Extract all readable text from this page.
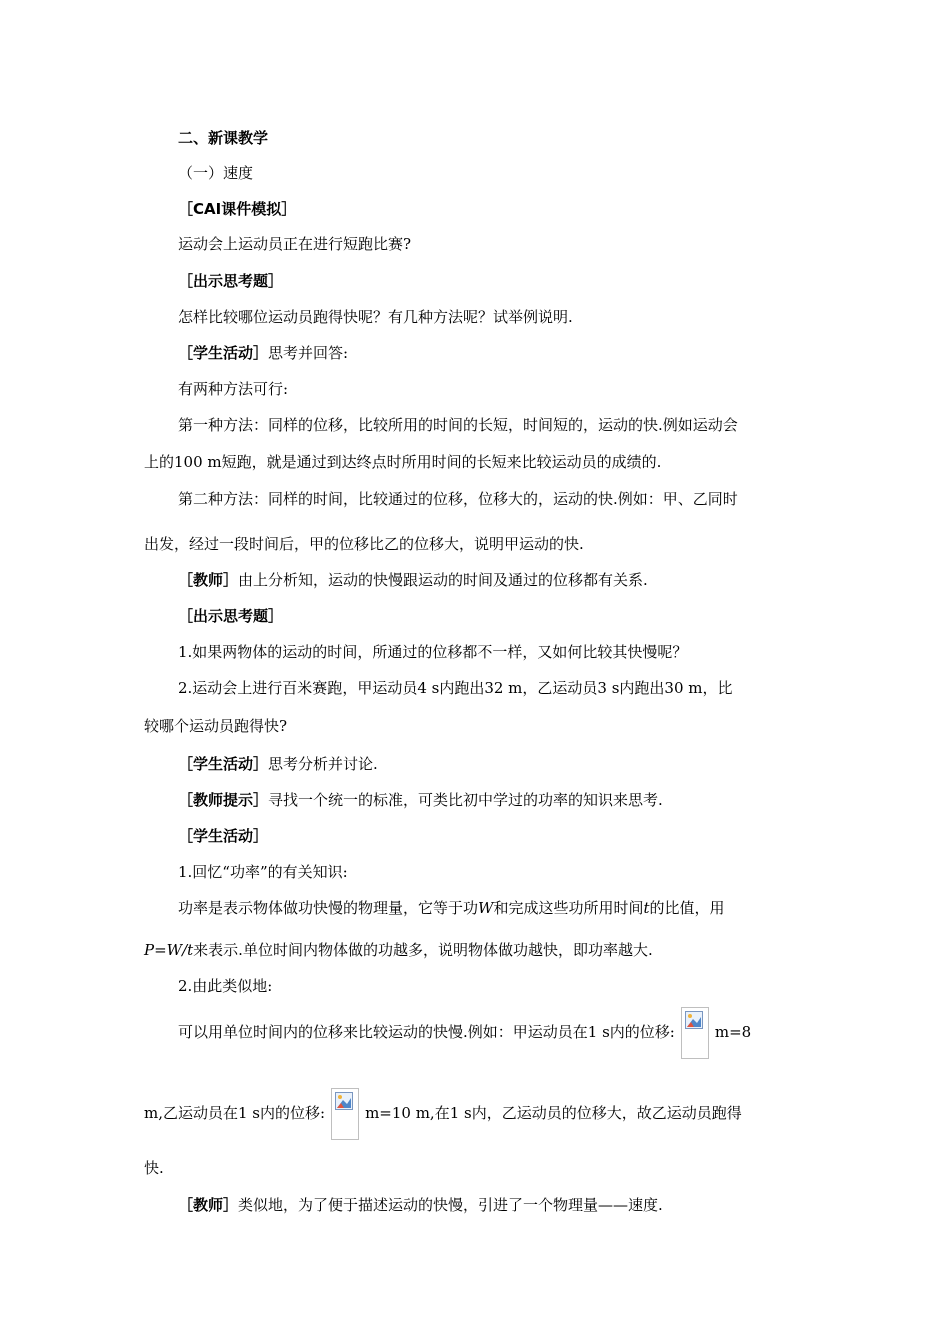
二、新课教学
（一）速度
［CAI课件模拟］
运动会上运动员正在进行短跑比赛?
［出示思考题］
怎样比较哪位运动员跑得快呢？有几种方法呢？试举例说明.
［学生活动］思考并回答:
有两种方法可行:
第一种方法：同样的位移，比较所用的时间的长短，时间短的，运动的快.例如运动会
上的100 m短跑，就是通过到达终点时所用时间的长短来比较运动员的成绩的.
第二种方法：同样的时间，比较通过的位移，位移大的，运动的快.例如：甲、乙同时
出发，经过一段时间后，甲的位移比乙的位移大，说明甲运动的快.
［教师］由上分析知，运动的快慢跟运动的时间及通过的位移都有关系.
［出示思考题］
1.如果两物体的运动的时间，所通过的位移都不一样，又如何比较其快慢呢？
2.运动会上进行百米赛跑，甲运动员4 s内跑出32 m，乙运动员3 s内跑出30 m，比
较哪个运动员跑得快?
［学生活动］思考分析并讨论.
［教师提示］寻找一个统一的标准，可类比初中学过的功率的知识来思考.
［学生活动］
1.回忆“功率”的有关知识:
功率是表示物体做功快慢的物理量，它等于功W和完成这些功所用时间t的比值，用
P=W/t来表示.单位时间内物体做的功越多，说明物体做功越快，即功率越大.
2.由此类似地:
可以用单位时间内的位移来比较运动的快慢.例如：甲运动员在1 s内的位移:	m=8
m,乙运动员在1 s内的位移:	m=10 m,在1 s内，乙运动员的位移大，故乙运动员跑得
快.
［教师］类似地，为了便于描述运动的快慢，引进了一个物理量——速度.
